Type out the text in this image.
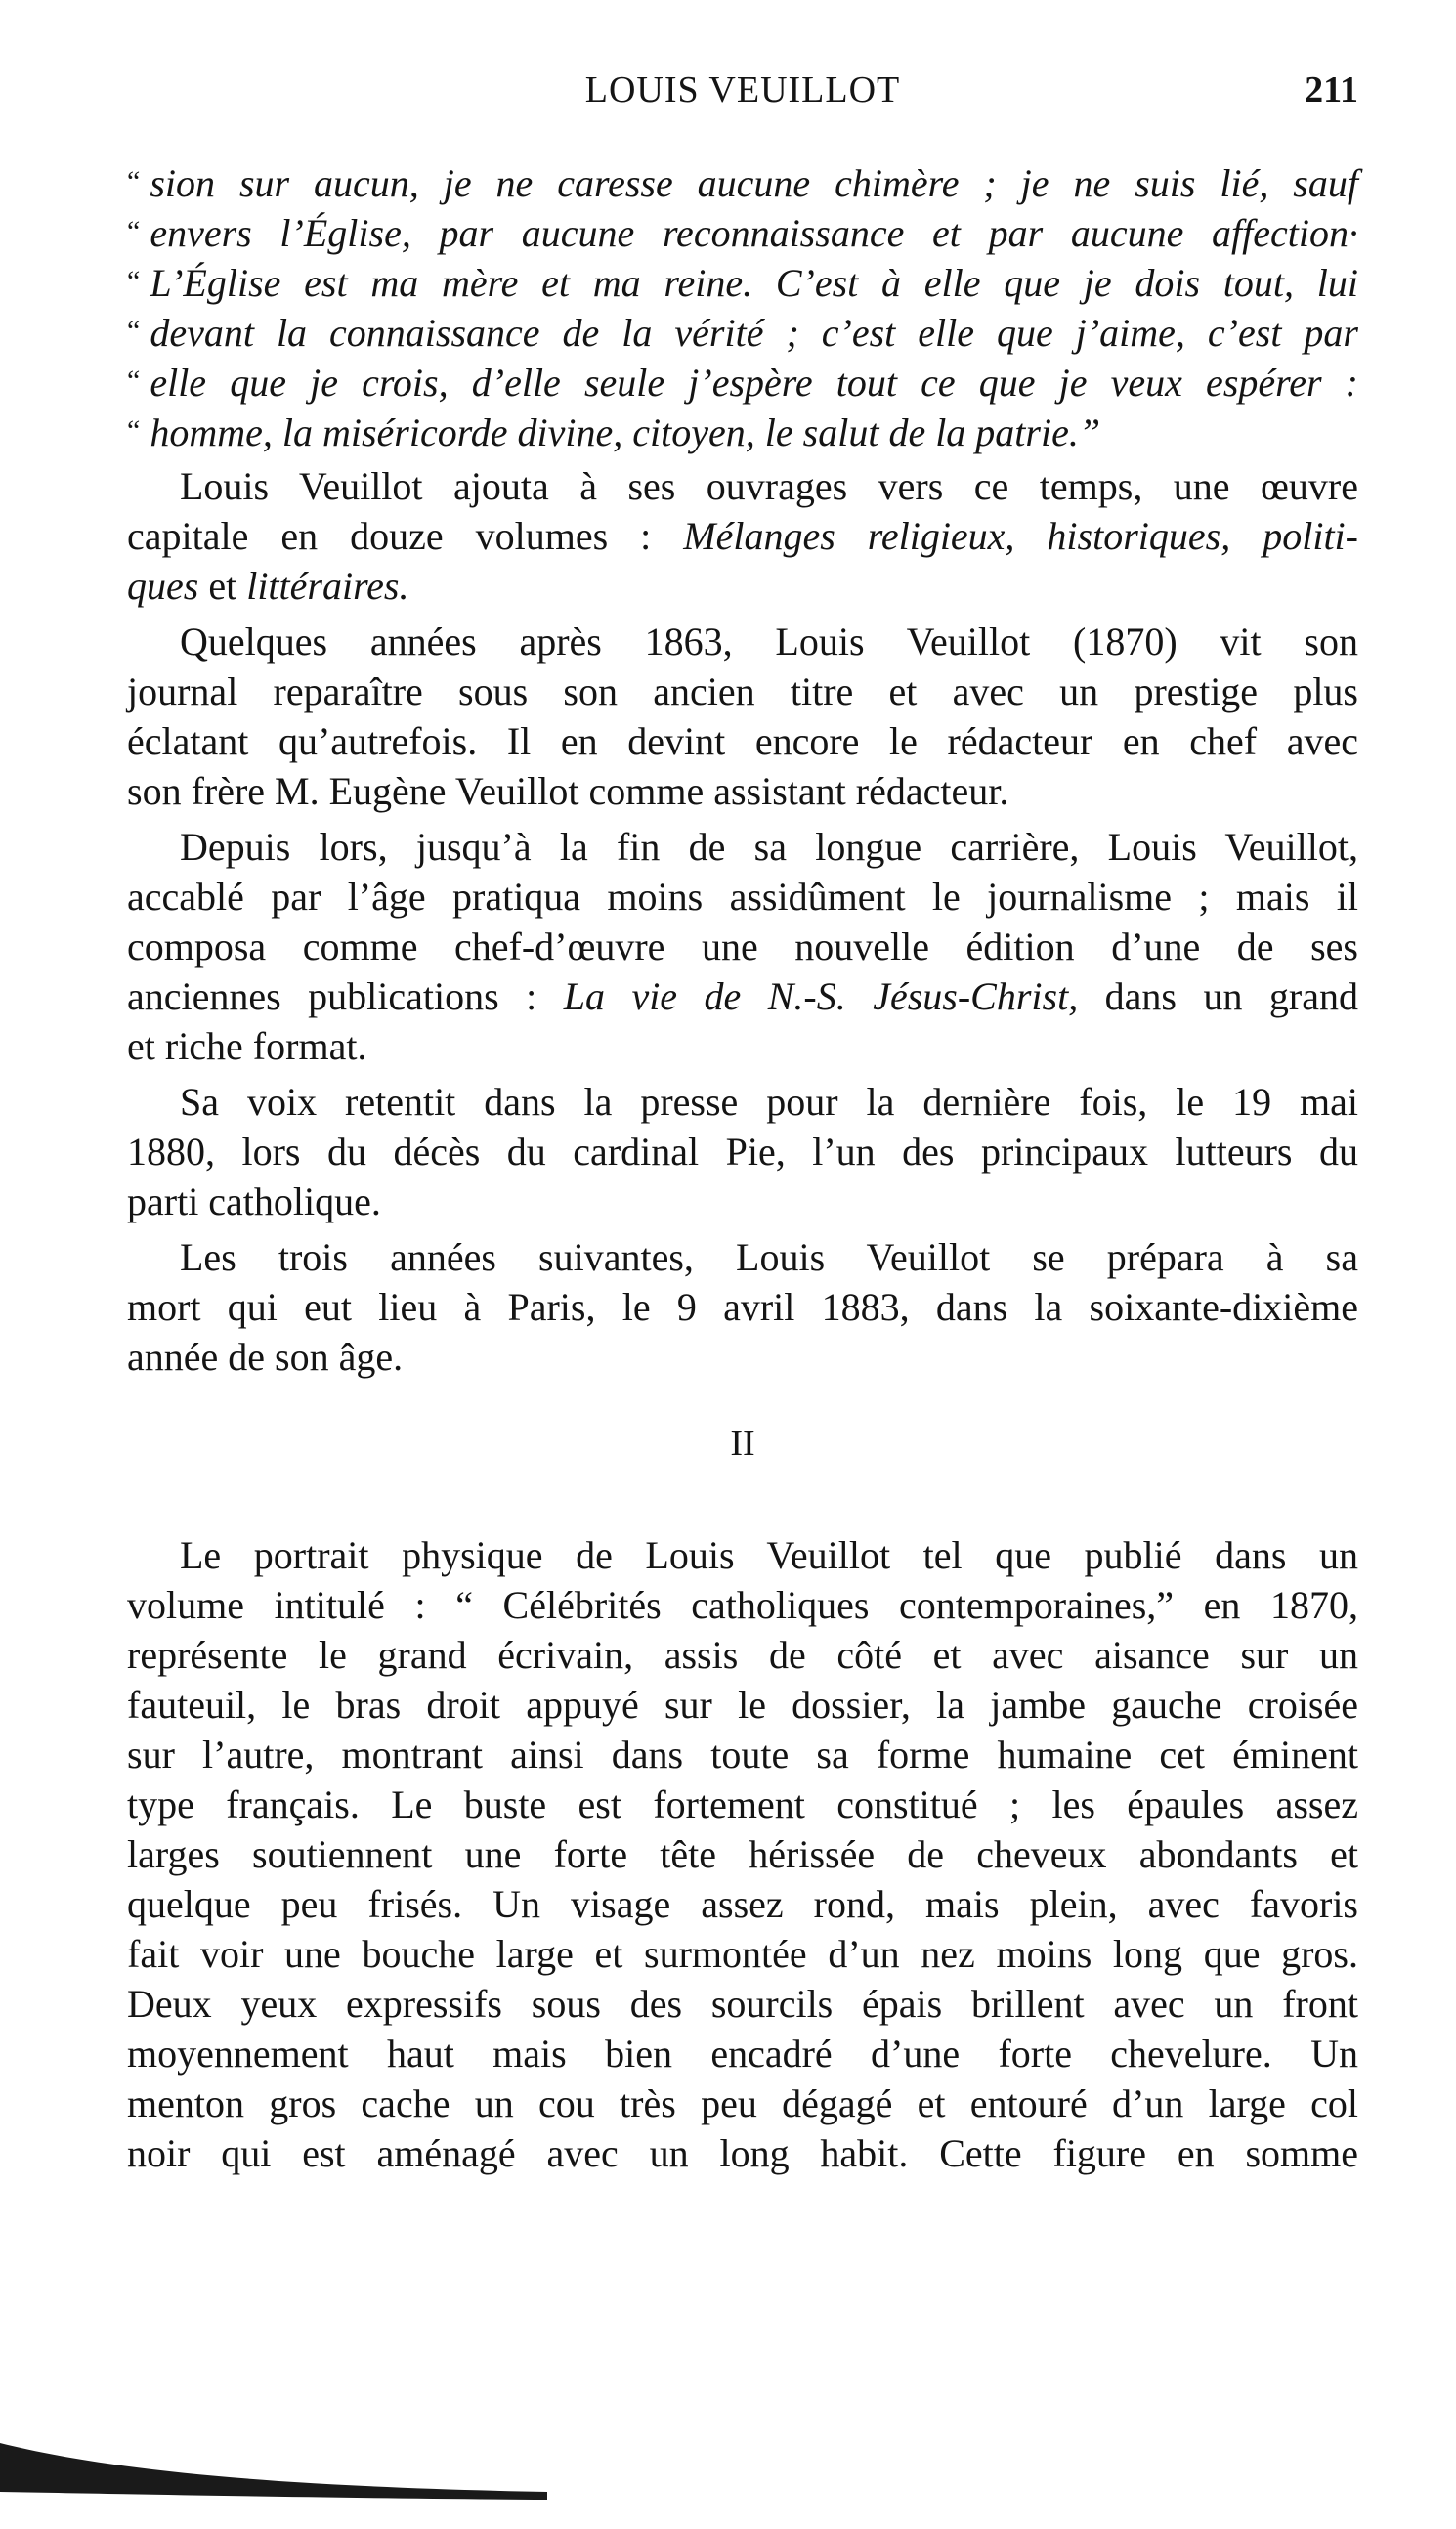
LOUIS VEUILLOT	211
“ sion sur aucun, je ne caresse aucune chimère ; je ne suis lié, sauf
“ envers l’Église, par aucune reconnaissance et par aucune affection·
“ L’Église est ma mère et ma reine. C’est à elle que je dois tout, lui
“ devant la connaissance de la vérité ; c’est elle que j’aime, c’est par
“ elle que je crois, d’elle seule j’espère tout ce que je veux espérer :
“ homme, la miséricorde divine, citoyen, le salut de la patrie.”
Louis Veuillot ajouta à ses ouvrages vers ce temps, une œuvre
capitale en douze volumes : Mélanges religieux, historiques, politi-
ques et littéraires.
Quelques années après 1863, Louis Veuillot (1870) vit son
journal reparaître sous son ancien titre et avec un prestige plus
éclatant qu’autrefois. Il en devint encore le rédacteur en chef avec
son frère M. Eugène Veuillot comme assistant rédacteur.
Depuis lors, jusqu’à la fin de sa longue carrière, Louis Veuillot,
accablé par l’âge pratiqua moins assidûment le journalisme ; mais il
composa comme chef-d’œuvre une nouvelle édition d’une de ses
anciennes publications : La vie de N.-S. Jésus-Christ, dans un grand
et riche format.
Sa voix retentit dans la presse pour la dernière fois, le 19 mai
1880, lors du décès du cardinal Pie, l’un des principaux lutteurs du
parti catholique.
Les trois années suivantes, Louis Veuillot se prépara à sa
mort qui eut lieu à Paris, le 9 avril 1883, dans la soixante-dixième
année de son âge.
II
Le portrait physique de Louis Veuillot tel que publié dans un
volume intitulé : “ Célébrités catholiques contemporaines,” en 1870,
représente le grand écrivain, assis de côté et avec aisance sur un
fauteuil, le bras droit appuyé sur le dossier, la jambe gauche croisée
sur l’autre, montrant ainsi dans toute sa forme humaine cet éminent
type français. Le buste est fortement constitué ; les épaules assez
larges soutiennent une forte tête hérissée de cheveux abondants et
quelque peu frisés. Un visage assez rond, mais plein, avec favoris
fait voir une bouche large et surmontée d’un nez moins long que gros.
Deux yeux expressifs sous des sourcils épais brillent avec un front
moyennement haut mais bien encadré d’une forte chevelure. Un
menton gros cache un cou très peu dégagé et entouré d’un large col
noir qui est aménagé avec un long habit. Cette figure en somme
